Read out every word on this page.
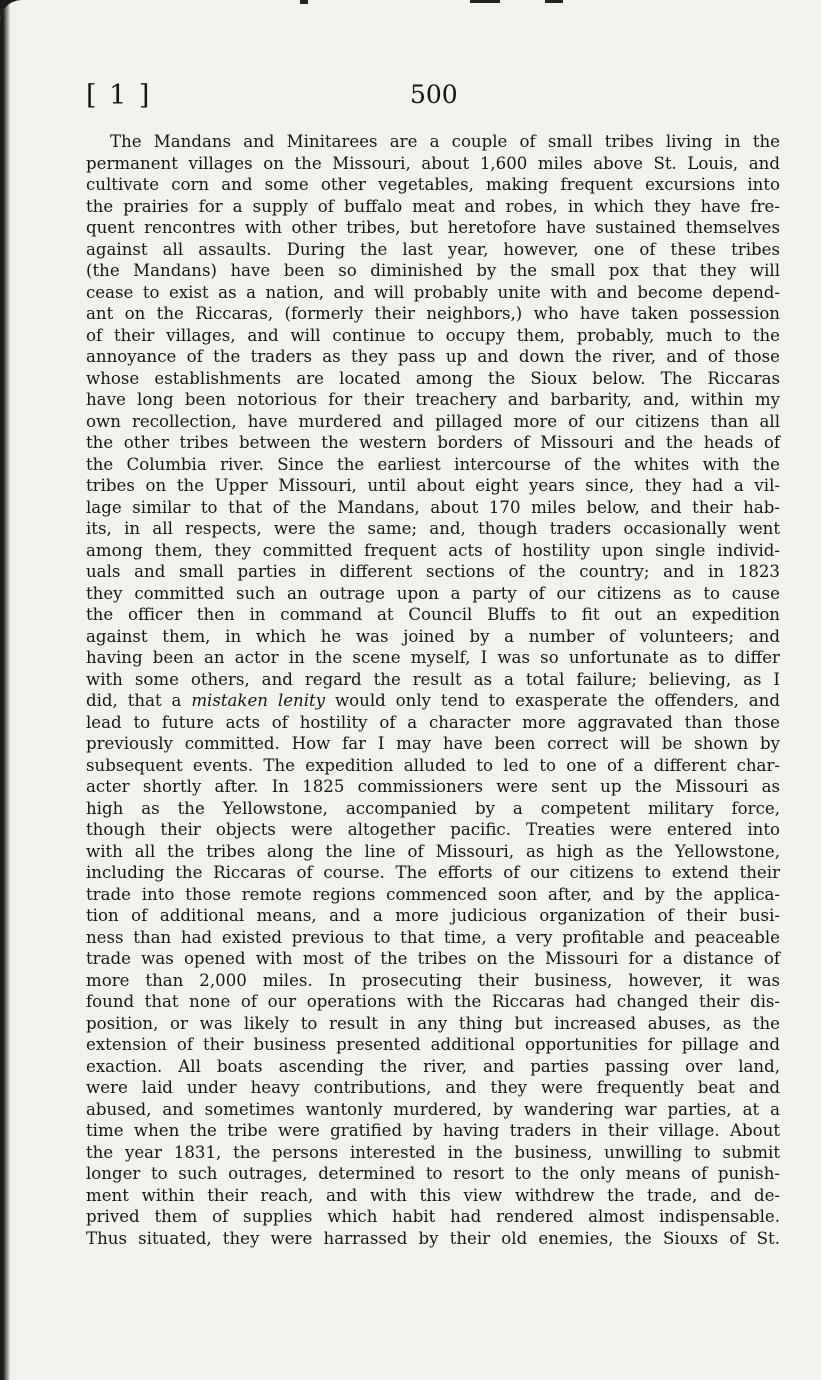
[ 1 ]	500
The Mandans and Minitarees are a couple of small tribes living in the
permanent villages on the Missouri, about 1,600 miles above St. Louis, and
cultivate corn and some other vegetables, making frequent excursions into
the prairies for a supply of buffalo meat and robes, in which they have fre-
quent rencontres with other tribes, but heretofore have sustained themselves
against all assaults. During the last year, however, one of these tribes
(the Mandans) have been so diminished by the small pox that they will
cease to exist as a nation, and will probably unite with and become depend-
ant on the Riccaras, (formerly their neighbors,) who have taken possession
of their villages, and will continue to occupy them, probably, much to the
annoyance of the traders as they pass up and down the river, and of those
whose establishments are located among the Sioux below. The Riccaras
have long been notorious for their treachery and barbarity, and, within my
own recollection, have murdered and pillaged more of our citizens than all
the other tribes between the western borders of Missouri and the heads of
the Columbia river. Since the earliest intercourse of the whites with the
tribes on the Upper Missouri, until about eight years since, they had a vil-
lage similar to that of the Mandans, about 170 miles below, and their hab-
its, in all respects, were the same; and, though traders occasionally went
among them, they committed frequent acts of hostility upon single individ-
uals and small parties in different sections of the country; and in 1823
they committed such an outrage upon a party of our citizens as to cause
the officer then in command at Council Bluffs to fit out an expedition
against them, in which he was joined by a number of volunteers; and
having been an actor in the scene myself, I was so unfortunate as to differ
with some others, and regard the result as a total failure; believing, as I
did, that a mistaken lenity would only tend to exasperate the offenders, and
lead to future acts of hostility of a character more aggravated than those
previously committed. How far I may have been correct will be shown by
subsequent events. The expedition alluded to led to one of a different char-
acter shortly after. In 1825 commissioners were sent up the Missouri as
high as the Yellowstone, accompanied by a competent military force,
though their objects were altogether pacific. Treaties were entered into
with all the tribes along the line of Missouri, as high as the Yellowstone,
including the Riccaras of course. The efforts of our citizens to extend their
trade into those remote regions commenced soon after, and by the applica-
tion of additional means, and a more judicious organization of their busi-
ness than had existed previous to that time, a very profitable and peaceable
trade was opened with most of the tribes on the Missouri for a distance of
more than 2,000 miles. In prosecuting their business, however, it was
found that none of our operations with the Riccaras had changed their dis-
position, or was likely to result in any thing but increased abuses, as the
extension of their business presented additional opportunities for pillage and
exaction. All boats ascending the river, and parties passing over land,
were laid under heavy contributions, and they were frequently beat and
abused, and sometimes wantonly murdered, by wandering war parties, at a
time when the tribe were gratified by having traders in their village. About
the year 1831, the persons interested in the business, unwilling to submit
longer to such outrages, determined to resort to the only means of punish-
ment within their reach, and with this view withdrew the trade, and de-
prived them of supplies which habit had rendered almost indispensable.
Thus situated, they were harrassed by their old enemies, the Siouxs of St.
